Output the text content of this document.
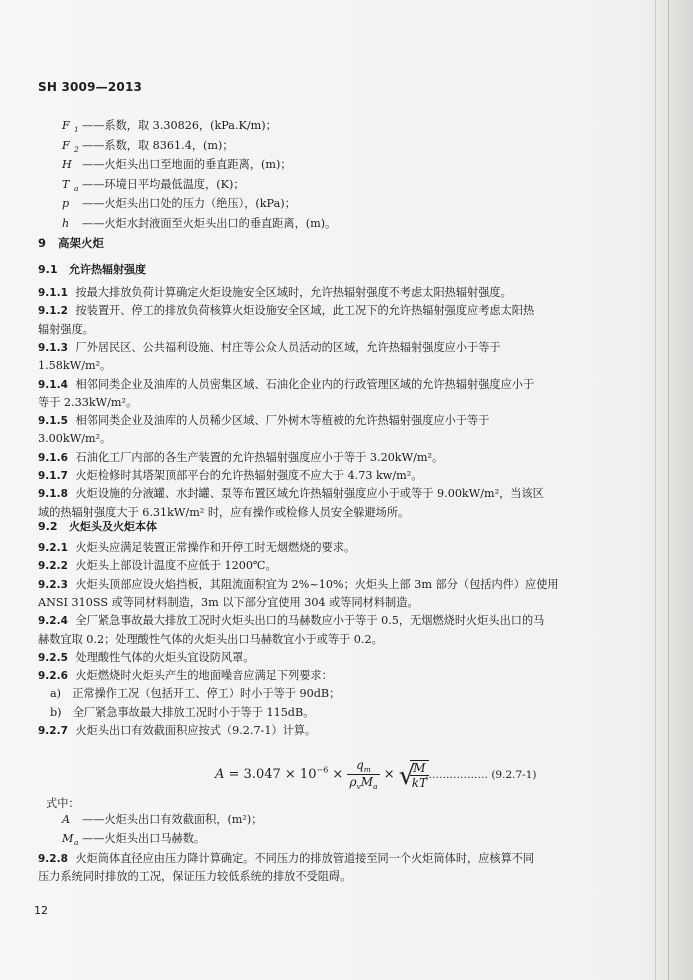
SH 3009—2013
F $_1$ ——系数，取 3.30826，(kPa.K/m)；
F $_2$ ——系数，取 8361.4，(m)；
H ——火炬头出口至地面的垂直距离，(m)；
T $_a$ ——环境日平均最低温度，(K)；
p ——火炬头出口处的压力（绝压），(kPa)；
h ——火炬水封液面至火炬头出口的垂直距离，(m)。
9 高架火炬
9.1 允许热辐射强度
9.1.1 按最大排放负荷计算确定火炬设施安全区域时，允许热辐射强度不考虑太阳热辐射强度。
9.1.2 按装置开、停工的排放负荷核算火炬设施安全区域，此工况下的允许热辐射强度应考虑太阳热
辐射强度。
9.1.3 厂外居民区、公共福利设施、村庄等公众人员活动的区域，允许热辐射强度应小于等于
1.58kW/m²。
9.1.4 相邻同类企业及油库的人员密集区域、石油化企业内的行政管理区域的允许热辐射强度应小于
等于 2.33kW/m²。
9.1.5 相邻同类企业及油库的人员稀少区域、厂外树木等植被的允许热辐射强度应小于等于
3.00kW/m²。
9.1.6 石油化工厂内部的各生产装置的允许热辐射强度应小于等于 3.20kW/m²。
9.1.7 火炬检修时其塔架顶部平台的允许热辐射强度不应大于 4.73 kw/m²。
9.1.8 火炬设施的分液罐、水封罐、泵等布置区域允许热辐射强度应小于或等于 9.00kW/m²，当该区
域的热辐射强度大于 6.31kW/m² 时，应有操作或检修人员安全躲避场所。
9.2 火炬头及火炬本体
9.2.1 火炬头应满足装置正常操作和开停工时无烟燃烧的要求。
9.2.2 火炬头上部设计温度不应低于 1200℃。
9.2.3 火炬头顶部应设火焰挡板，其阻流面积宜为 2%~10%；火炬头上部 3m 部分（包括内件）应使用
ANSI 310SS 或等同材料制造，3m 以下部分宜使用 304 或等同材料制造。
9.2.4 全厂紧急事故最大排放工况时火炬头出口的马赫数应小于等于 0.5，无烟燃烧时火炬头出口的马
赫数宜取 0.2；处理酸性气体的火炬头出口马赫数宜小于或等于 0.2。
9.2.5 处理酸性气体的火炬头宜设防风罩。
9.2.6 火炬燃烧时火炬头产生的地面噪音应满足下列要求：
a)　正常操作工况（包括开工、停工）时小于等于 90dB；
b)　全厂紧急事故最大排放工况时小于等于 115dB。
9.2.7 火炬头出口有效截面积应按式（9.2.7-1）计算。
$A = 3.047 \times 10^{-6} \times \frac{q_m}{\rho_vM_a}$ × √
$\frac{M}{kT}$
……………… (9.2.7-1)
式中：
A ——火炬头出口有效截面积，(m²)；
$M_a$ ——火炬头出口马赫数。
9.2.8 火炬筒体直径应由压力降计算确定。不同压力的排放管道接至同一个火炬筒体时，应核算不同
压力系统同时排放的工况，保证压力较低系统的排放不受阻碍。
12
